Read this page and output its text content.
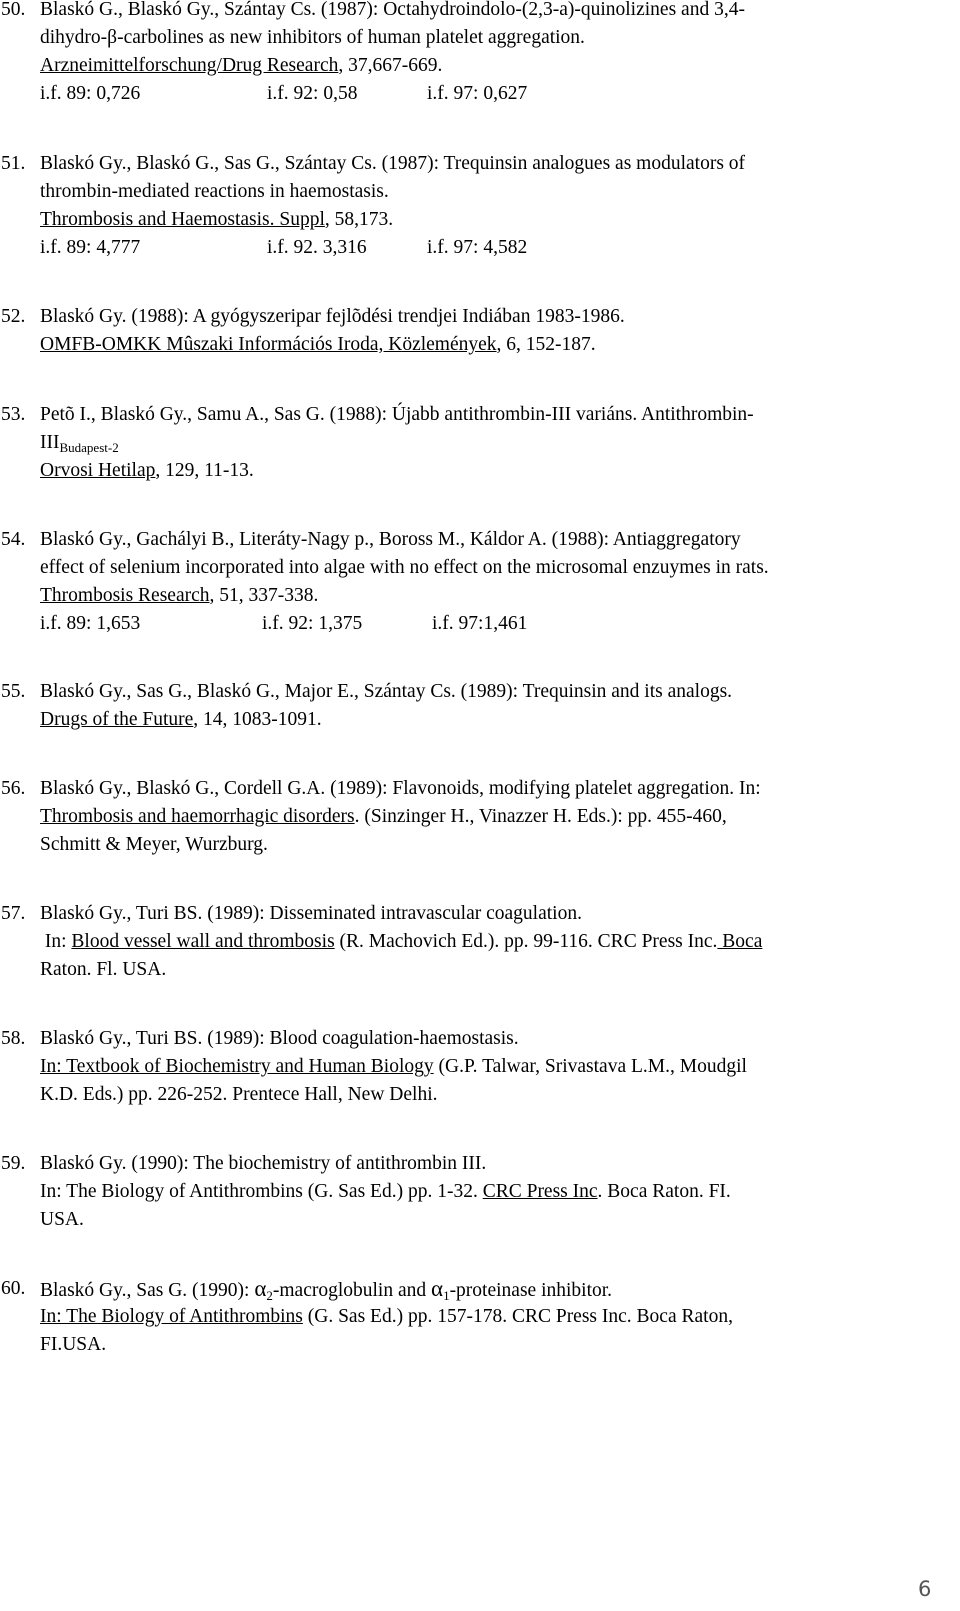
50. Blaskó G., Blaskó Gy., Szántay Cs. (1987): Octahydroindolo-(2,3-a)-quinolizines and 3,4-
dihydro-β-carbolines as new inhibitors of human platelet aggregation.
Arzneimittelforschung/Drug Research, 37,667-669.
i.f. 89: 0,726	i.f. 92: 0,58	i.f. 97: 0,627
51. Blaskó Gy., Blaskó G., Sas G., Szántay Cs. (1987): Trequinsin analogues as modulators of
thrombin-mediated reactions in haemostasis.
Thrombosis and Haemostasis. Suppl, 58,173.
i.f. 89: 4,777	i.f. 92. 3,316	i.f. 97: 4,582
52. Blaskó Gy. (1988): A gyógyszeripar fejlõdési trendjei Indiában 1983-1986.
OMFB-OMKK Mûszaki Információs Iroda, Közlemények, 6, 152-187.
53. Petõ I., Blaskó Gy., Samu A., Sas G. (1988): Újabb antithrombin-III variáns. Antithrombin-
$III_{Budapest-2}$
Orvosi Hetilap, 129, 11-13.
54. Blaskó Gy., Gachályi B., Literáty-Nagy p., Boross M., Káldor A. (1988): Antiaggregatory
effect of selenium incorporated into algae with no effect on the microsomal enzuymes in rats.
Thrombosis Research, 51, 337-338.
i.f. 89: 1,653	i.f. 92: 1,375	i.f. 97:1,461
55. Blaskó Gy., Sas G., Blaskó G., Major E., Szántay Cs. (1989): Trequinsin and its analogs.
Drugs of the Future, 14, 1083-1091.
56. Blaskó Gy., Blaskó G., Cordell G.A. (1989): Flavonoids, modifying platelet aggregation. In:
Thrombosis and haemorrhagic disorders. (Sinzinger H., Vinazzer H. Eds.): pp. 455-460,
Schmitt & Meyer, Wurzburg.
57. Blaskó Gy., Turi BS. (1989): Disseminated intravascular coagulation.
In: Blood vessel wall and thrombosis (R. Machovich Ed.). pp. 99-116. CRC Press Inc. Boca
Raton. Fl. USA.
58. Blaskó Gy., Turi BS. (1989): Blood coagulation-haemostasis.
In: Textbook of Biochemistry and Human Biology (G.P. Talwar, Srivastava L.M., Moudgil
K.D. Eds.) pp. 226-252. Prentece Hall, New Delhi.
59. Blaskó Gy. (1990): The biochemistry of antithrombin III.
In: The Biology of Antithrombins (G. Sas Ed.) pp. 1-32. CRC Press Inc. Boca Raton. FI.
USA.
60. Blaskó Gy., Sas G. (1990): $\alpha_2$-macroglobulin and $\alpha_1$-proteinase inhibitor.
In: The Biology of Antithrombins (G. Sas Ed.) pp. 157-178. CRC Press Inc. Boca Raton,
FI.USA.
6
